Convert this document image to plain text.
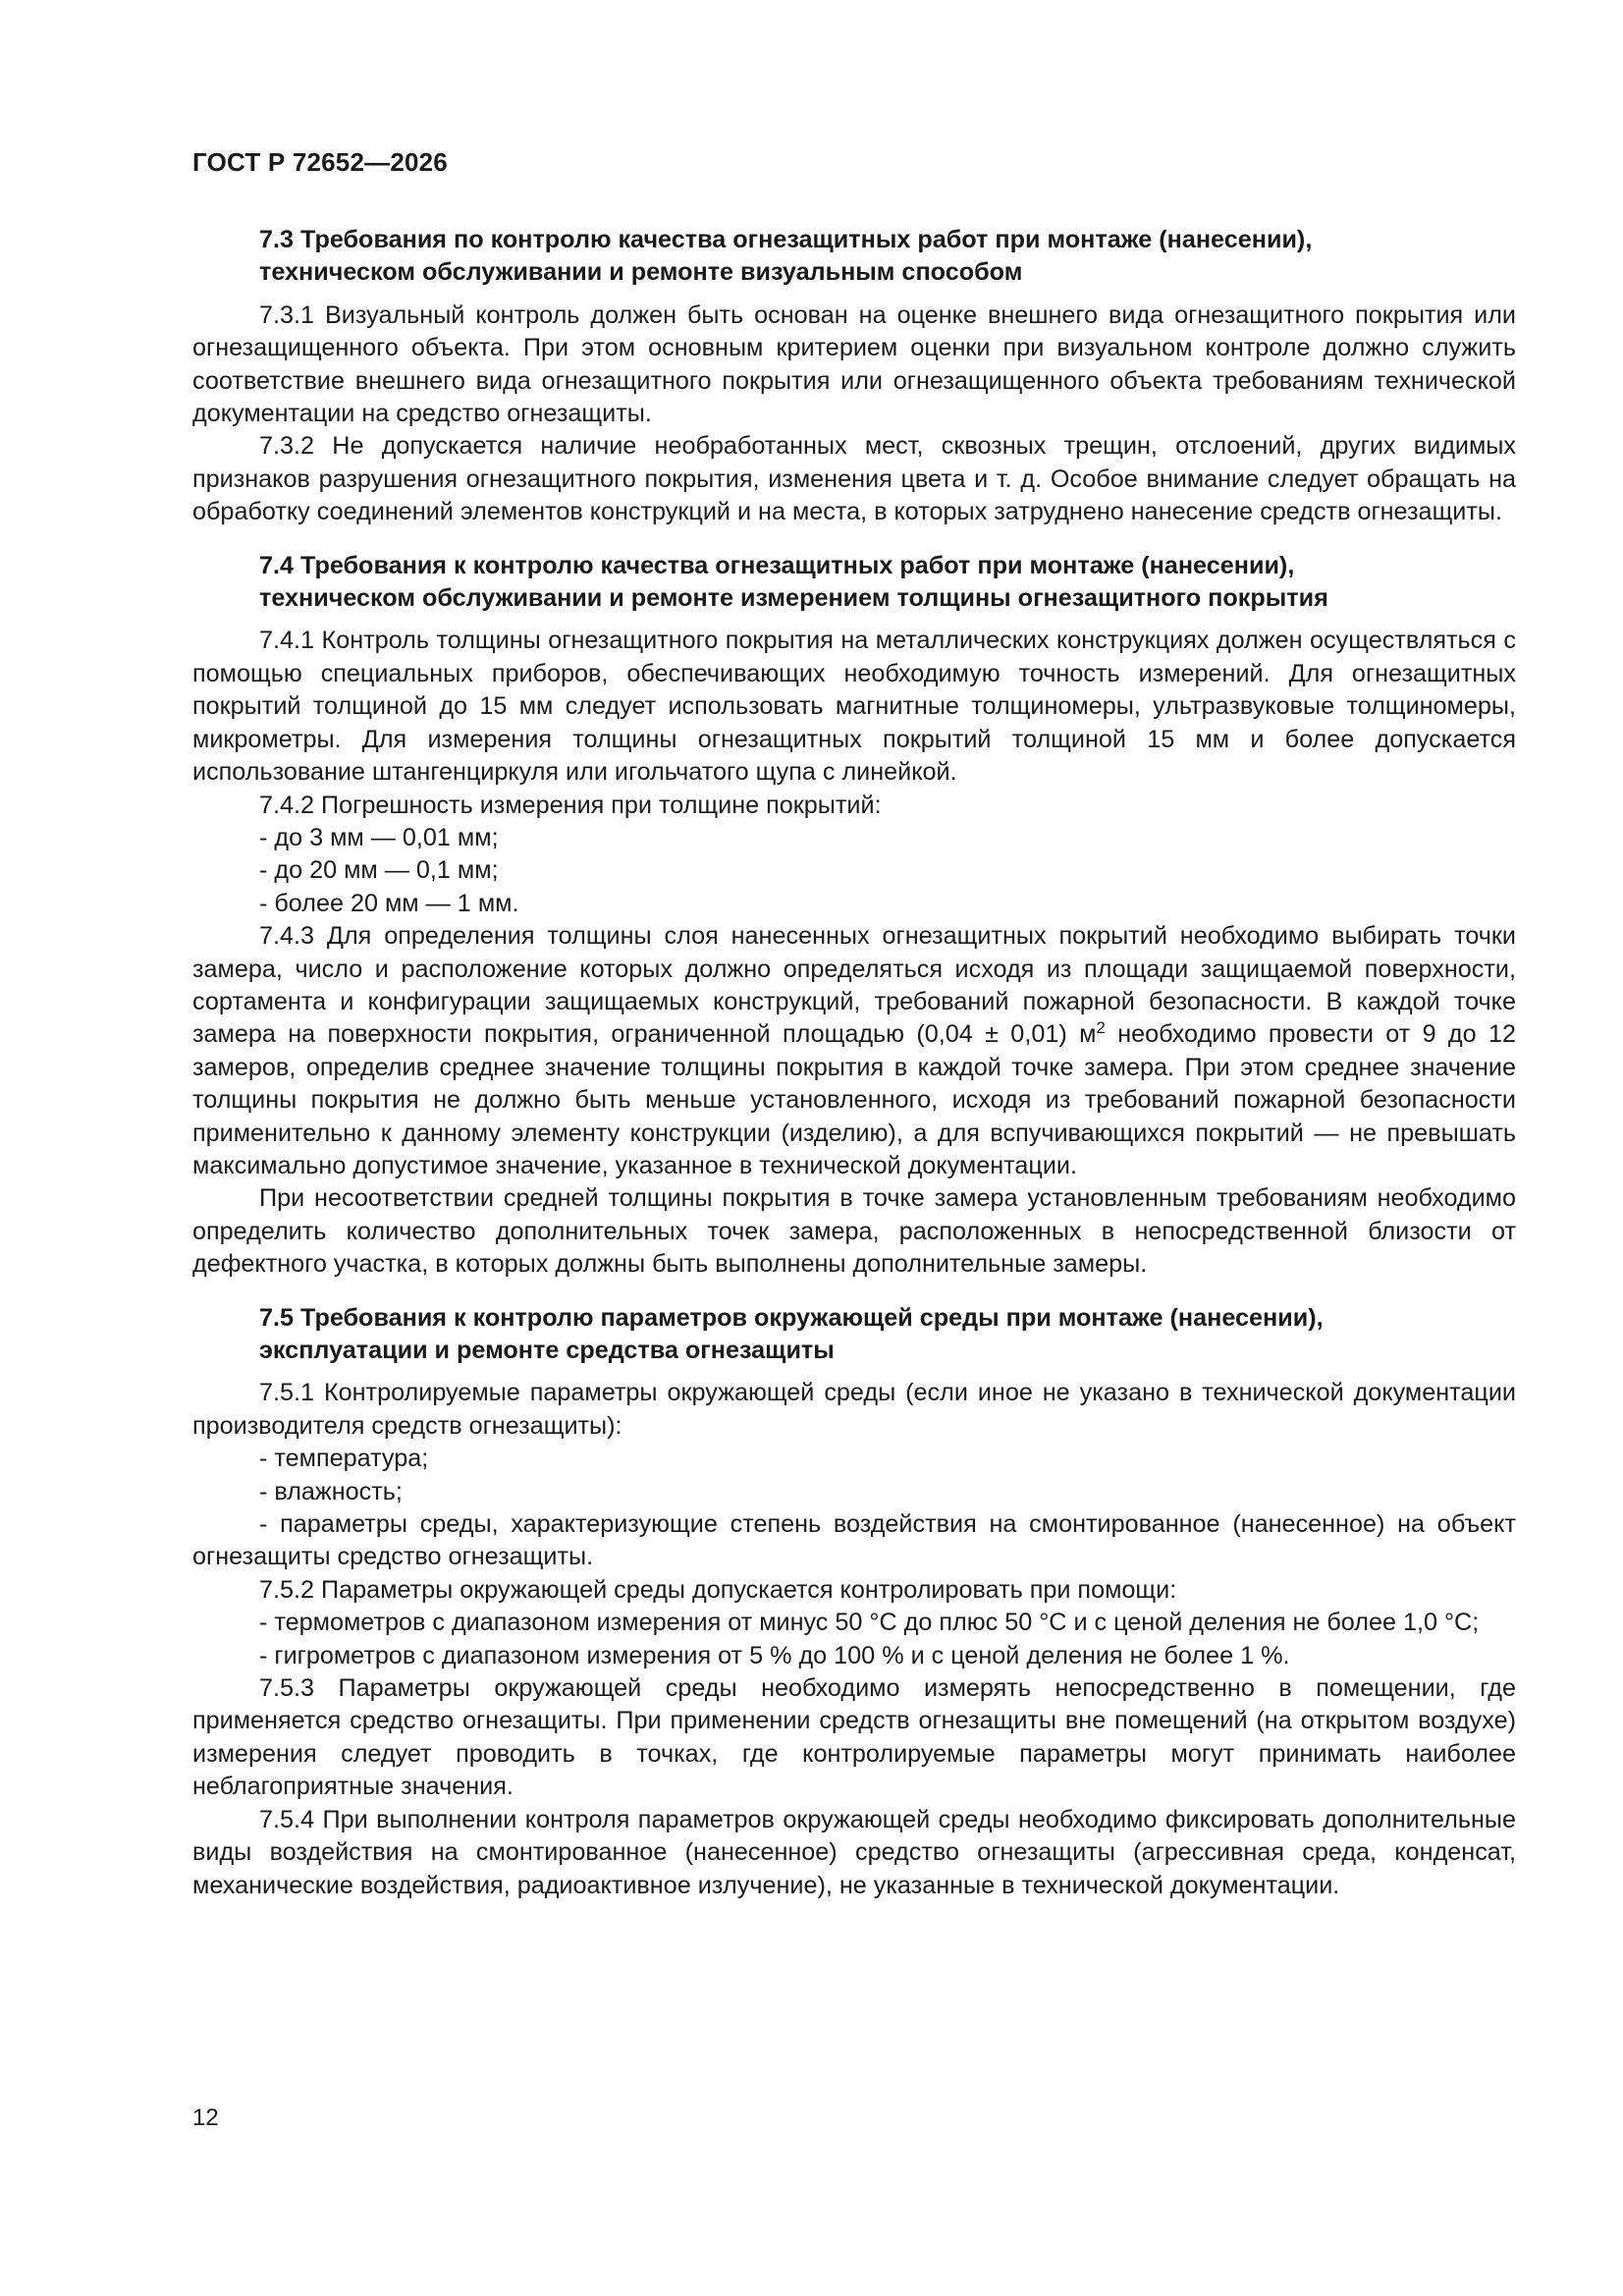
ГОСТ Р 72652—2026

7.3 Требования по контролю качества огнезащитных работ при монтаже (нанесении),

техническом обслуживании и ремонте визуальным способом

7.3.1 Визуальный контроль должен быть основан на оценке внешнего вида огнезащитного покрытия или огнезащищенного объекта. При этом основным критерием оценки при визуальном контроле должно служить соответствие внешнего вида огнезащитного покрытия или огнезащищенного объекта требованиям технической документации на средство огнезащиты.

7.3.2 Не допускается наличие необработанных мест, сквозных трещин, отслоений, других видимых признаков разрушения огнезащитного покрытия, изменения цвета и т. д. Особое внимание следует обращать на обработку соединений элементов конструкций и на места, в которых затруднено нанесение средств огнезащиты.

7.4 Требования к контролю качества огнезащитных работ при монтаже (нанесении),

техническом обслуживании и ремонте измерением толщины огнезащитного покрытия

7.4.1 Контроль толщины огнезащитного покрытия на металлических конструкциях должен осуществляться с помощью специальных приборов, обеспечивающих необходимую точность измерений. Для огнезащитных покрытий толщиной до 15 мм следует использовать магнитные толщиномеры, ультразвуковые толщиномеры, микрометры. Для измерения толщины огнезащитных покрытий толщиной 15 мм и более допускается использование штангенциркуля или игольчатого щупа с линейкой.

7.4.2 Погрешность измерения при толщине покрытий:

- до 3 мм — 0,01 мм;

- до 20 мм — 0,1 мм;

- более 20 мм — 1 мм.

7.4.3 Для определения толщины слоя нанесенных огнезащитных покрытий необходимо выбирать точки замера, число и расположение которых должно определяться исходя из площади защищаемой поверхности, сортамента и конфигурации защищаемых конструкций, требований пожарной безопасности. В каждой точке замера на поверхности покрытия, ограниченной площадью (0,04 ± 0,01) $м^2$ необходимо провести от 9 до 12 замеров, определив среднее значение толщины покрытия в каждой точке замера. При этом среднее значение толщины покрытия не должно быть меньше установленного, исходя из требований пожарной безопасности применительно к данному элементу конструкции (изделию), а для вспучивающихся покрытий — не превышать максимально допустимое значение, указанное в технической документации.

При несоответствии средней толщины покрытия в точке замера установленным требованиям необходимо определить количество дополнительных точек замера, расположенных в непосредственной близости от дефектного участка, в которых должны быть выполнены дополнительные замеры.

7.5 Требования к контролю параметров окружающей среды при монтаже (нанесении),

эксплуатации и ремонте средства огнезащиты

7.5.1 Контролируемые параметры окружающей среды (если иное не указано в технической документации производителя средств огнезащиты):

- температура;

- влажность;

- параметры среды, характеризующие степень воздействия на смонтированное (нанесенное) на объект огнезащиты средство огнезащиты.

7.5.2 Параметры окружающей среды допускается контролировать при помощи:

- термометров с диапазоном измерения от минус 50 °C до плюс 50 °C и с ценой деления не более 1,0 °C;

- гигрометров с диапазоном измерения от 5 % до 100 % и с ценой деления не более 1 %.

7.5.3 Параметры окружающей среды необходимо измерять непосредственно в помещении, где применяется средство огнезащиты. При применении средств огнезащиты вне помещений (на открытом воздухе) измерения следует проводить в точках, где контролируемые параметры могут принимать наиболее неблагоприятные значения.

7.5.4 При выполнении контроля параметров окружающей среды необходимо фиксировать дополнительные виды воздействия на смонтированное (нанесенное) средство огнезащиты (агрессивная среда, конденсат, механические воздействия, радиоактивное излучение), не указанные в технической документации.

12
